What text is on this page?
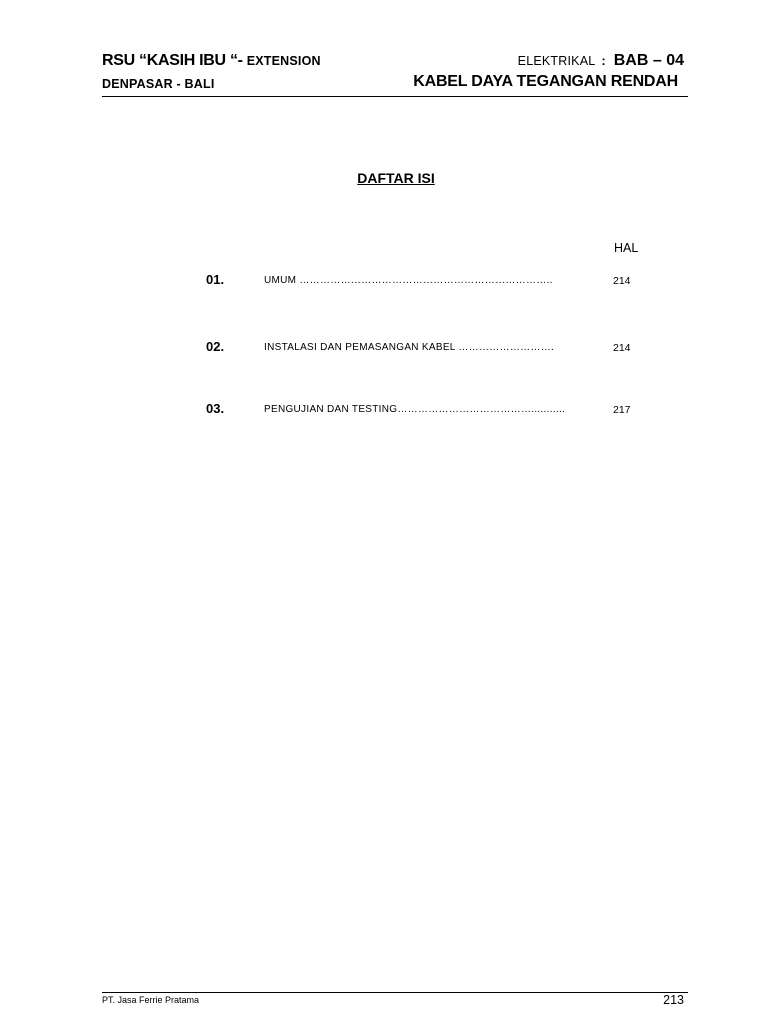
RSU “KASIH IBU “- EXTENSION
DENPASAR - BALI
ELEKTRIKAL : BAB – 04
KABEL DAYA TEGANGAN RENDAH
DAFTAR ISI
HAL
01.	UMUM ………………………………………………………………..	214
02.	INSTALASI DAN PEMASANGAN KABEL ……………………….	214
03.	PENGUJIAN DAN TESTING…………………………………...........	217
PT. Jasa Ferrie Pratama	213
